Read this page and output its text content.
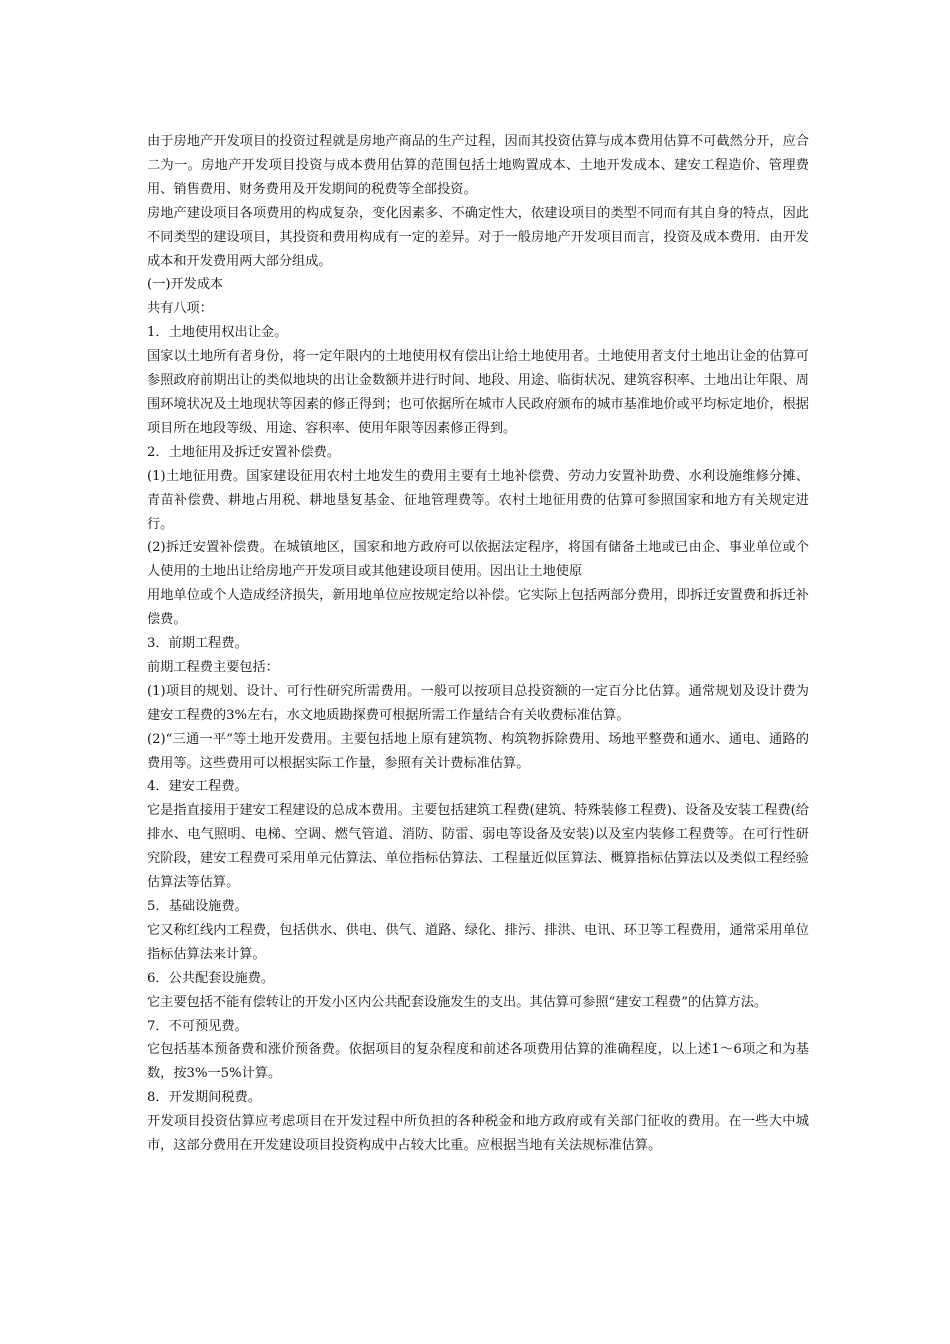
由于房地产开发项目的投资过程就是房地产商品的生产过程，因而其投资估算与成本费用估算不可截然分开，应合二为一。房地产开发项目投资与成本费用估算的范围包括土地购置成本、土地开发成本、建安工程造价、管理费用、销售费用、财务费用及开发期间的税费等全部投资。

房地产建设项目各项费用的构成复杂，变化因素多、不确定性大，依建设项目的类型不同而有其自身的特点，因此不同类型的建设项目，其投资和费用构成有一定的差异。对于一般房地产开发项目而言，投资及成本费用．由开发成本和开发费用两大部分组成。

(一)开发成本

共有八项：

1．土地使用权出让金。

国家以土地所有者身份，将一定年限内的土地使用权有偿出让给土地使用者。土地使用者支付土地出让金的估算可参照政府前期出让的类似地块的出让金数额并进行时间、地段、用途、临街状况、建筑容积率、土地出让年限、周围环境状况及土地现状等因素的修正得到；也可依据所在城市人民政府颁布的城市基准地价或平均标定地价，根据项目所在地段等级、用途、容积率、使用年限等因素修正得到。

2．土地征用及拆迁安置补偿费。

(1)土地征用费。国家建设征用农村土地发生的费用主要有土地补偿费、劳动力安置补助费、水利设施维修分摊、青苗补偿费、耕地占用税、耕地垦复基金、征地管理费等。农村土地征用费的估算可参照国家和地方有关规定进行。

(2)拆迁安置补偿费。在城镇地区，国家和地方政府可以依据法定程序，将国有储备土地或已由企、事业单位或个人使用的土地出让给房地产开发项目或其他建设项目使用。因出让土地使原

用地单位或个人造成经济损失，新用地单位应按规定给以补偿。它实际上包括两部分费用，即拆迁安置费和拆迁补偿费。

3．前期工程费。

前期工程费主要包括：

(1)项目的规划、设计、可行性研究所需费用。一般可以按项目总投资额的一定百分比估算。通常规划及设计费为建安工程费的3%左右，水文地质勘探费可根据所需工作量结合有关收费标准估算。

(2)“三通一平”等土地开发费用。主要包括地上原有建筑物、构筑物拆除费用、场地平整费和通水、通电、通路的费用等。这些费用可以根据实际工作量，参照有关计费标准估算。

4．建安工程费。

它是指直接用于建安工程建设的总成本费用。主要包括建筑工程费(建筑、特殊装修工程费)、设备及安装工程费(给排水、电气照明、电梯、空调、燃气管道、消防、防雷、弱电等设备及安装)以及室内装修工程费等。在可行性研究阶段，建安工程费可采用单元估算法、单位指标估算法、工程量近似匡算法、概算指标估算法以及类似工程经验估算法等估算。

5．基础设施费。

它又称红线内工程费，包括供水、供电、供气、道路、绿化、排污、排洪、电讯、环卫等工程费用，通常采用单位指标估算法来计算。

6．公共配套设施费。

它主要包括不能有偿转让的开发小区内公共配套设施发生的支出。其估算可参照“建安工程费”的估算方法。

7．不可预见费。

它包括基本预备费和涨价预备费。依据项目的复杂程度和前述各项费用估算的准确程度，以上述1～6项之和为基数，按3%一5%计算。

8．开发期间税费。

开发项目投资估算应考虑项目在开发过程中所负担的各种税金和地方政府或有关部门征收的费用。在一些大中城市，这部分费用在开发建设项目投资构成中占较大比重。应根据当地有关法规标准估算。
